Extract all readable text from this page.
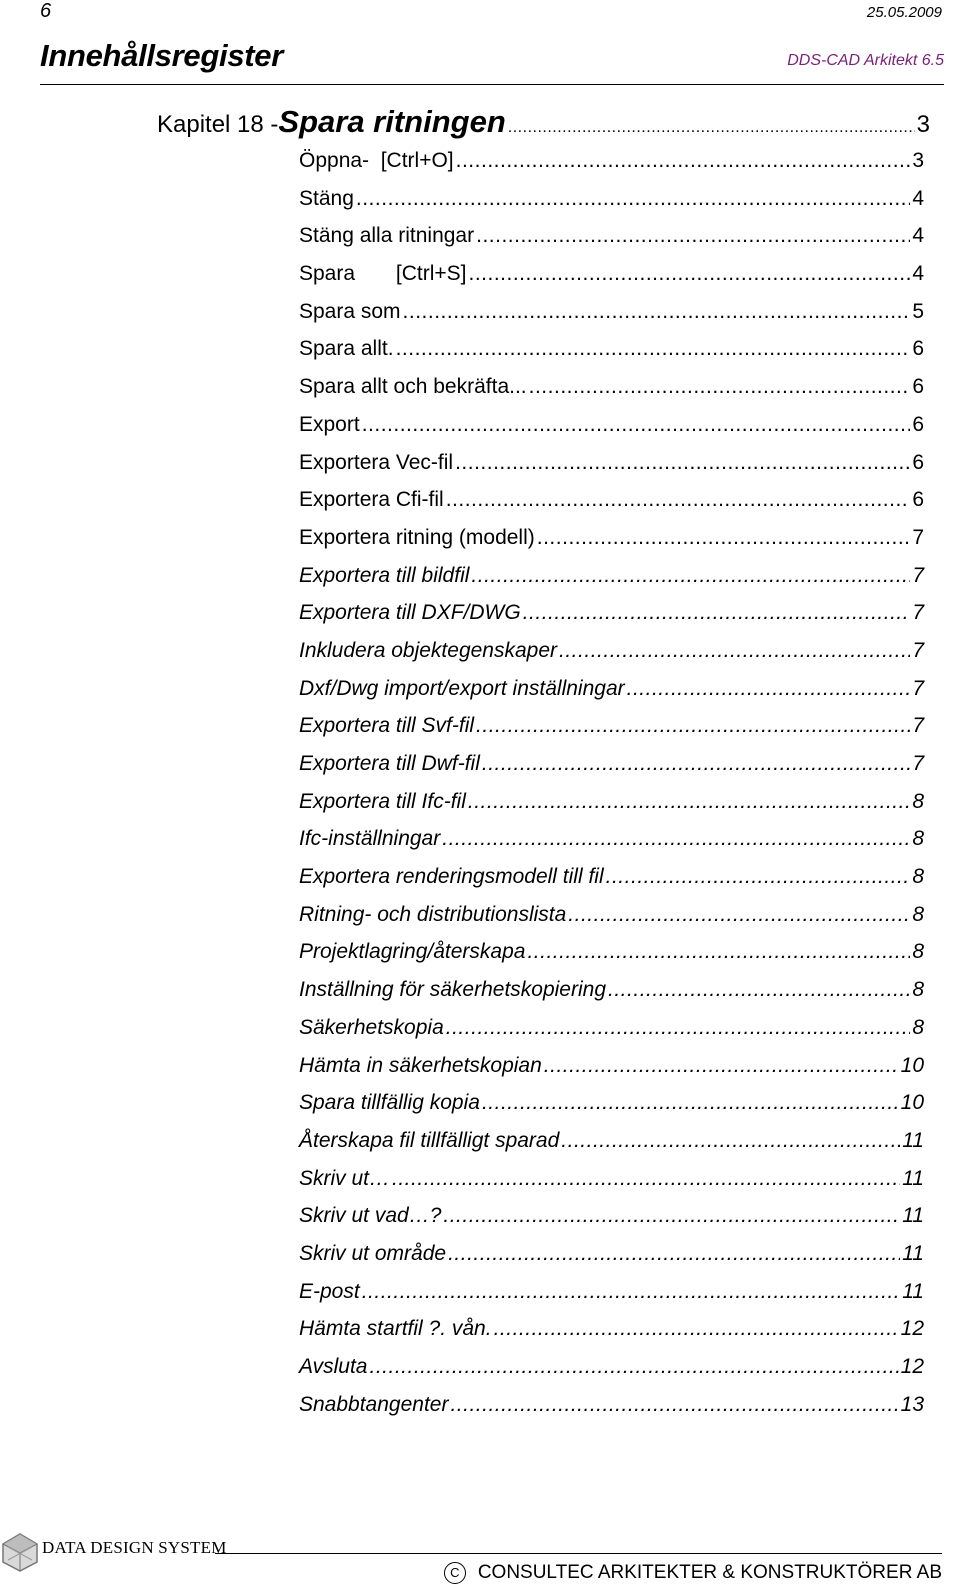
6	25.05.2009
Innehållsregister	DDS-CAD Arkitekt 6.5
Kapitel 18 - Spara ritningen .....	3
Öppna-  [Ctrl+O] .....	3
Stäng .....	4
Stäng alla ritningar .....	4
Spara       [Ctrl+S] .....	4
Spara som .....	5
Spara allt. .....	6
Spara allt och bekräfta... .....	6
Export .....	6
Exportera Vec-fil .....	6
Exportera Cfi-fil .....	6
Exportera ritning (modell) .....	7
Exportera till bildfil .....	7
Exportera till DXF/DWG .....	7
Inkludera objektegenskaper .....	7
Dxf/Dwg import/export inställningar .....	7
Exportera till Svf-fil .....	7
Exportera till Dwf-fil .....	7
Exportera till Ifc-fil .....	8
Ifc-inställningar .....	8
Exportera renderingsmodell till fil .....	8
Ritning- och distributionslista .....	8
Projektlagring/återskapa .....	8
Inställning för säkerhetskopiering .....	8
Säkerhetskopia .....	8
Hämta in säkerhetskopian .....	10
Spara tillfällig kopia .....	10
Återskapa fil tillfälligt sparad .....	11
Skriv ut… .....	11
Skriv ut vad…? .....	11
Skriv ut område .....	11
E-post .....	11
Hämta startfil ?. vån. .....	12
Avsluta .....	12
Snabbtangenter .....	13
DATA DESIGN SYSTEM
C CONSULTEC ARKITEKTER & KONSTRUKTÖRER AB
